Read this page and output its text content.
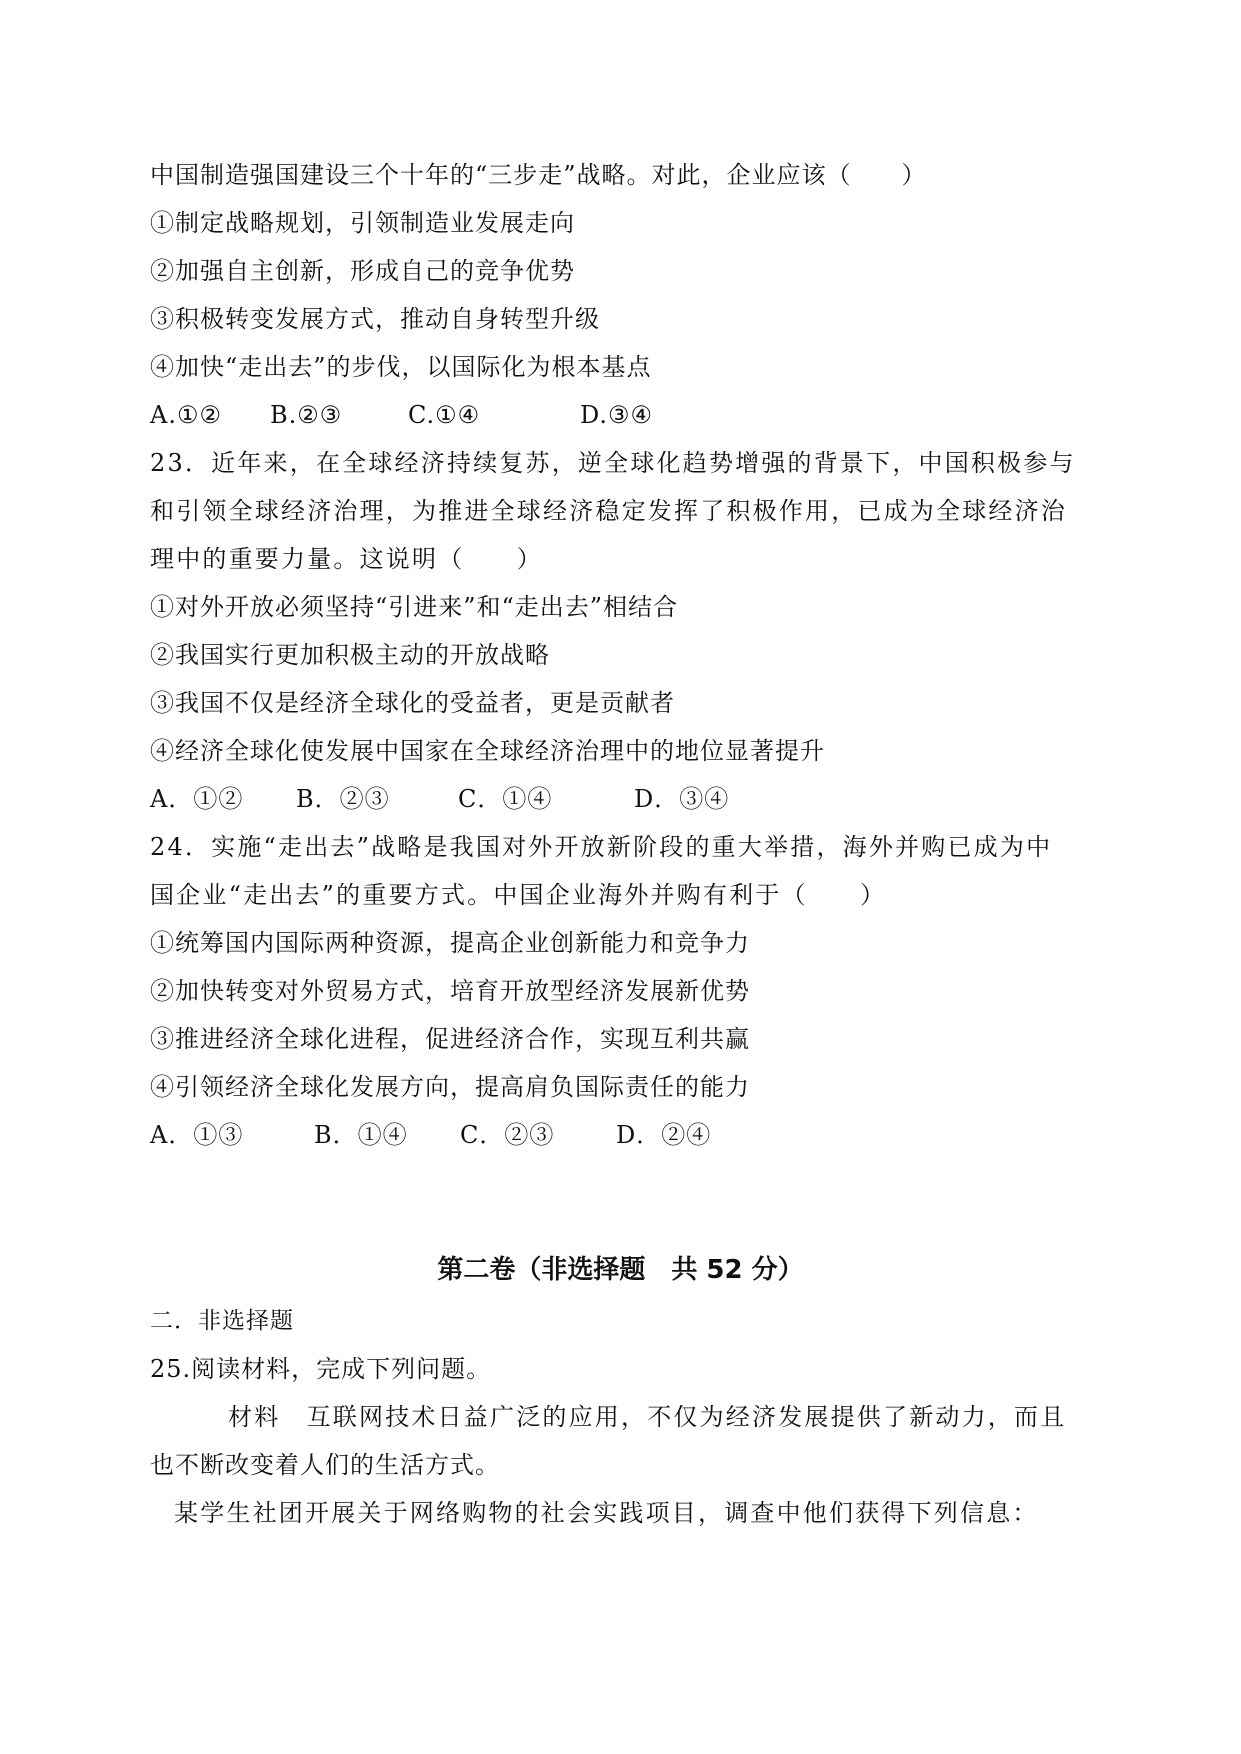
中国制造强国建设三个十年的“三步走”战略。对此，企业应该（　　）
①制定战略规划，引领制造业发展走向
②加强自主创新，形成自己的竞争优势
③积极转变发展方式，推动自身转型升级
④加快“走出去”的步伐，以国际化为根本基点

A.①②

B.②③

	C.①④

	D.③④

23．近年来，在全球经济持续复苏，逆全球化趋势增强的背景下，中国积极参与
和引领全球经济治理，为推进全球经济稳定发挥了积极作用，已成为全球经济治
理中的重要力量。这说明（　　）
①对外开放必须坚持“引进来”和“走出去”相结合
②我国实行更加积极主动的开放战略
③我国不仅是经济全球化的受益者，更是贡献者
④经济全球化使发展中国家在全球经济治理中的地位显著提升

A．①②

B．②③

	C．①④

	D．③④

24．实施“走出去”战略是我国对外开放新阶段的重大举措，海外并购已成为中
国企业“走出去”的重要方式。中国企业海外并购有利于（　　）
①统筹国内国际两种资源，提高企业创新能力和竞争力
②加快转变对外贸易方式，培育开放型经济发展新优势
③推进经济全球化进程，促进经济合作，实现互利共赢
④引领经济全球化发展方向，提高肩负国际责任的能力

A．①③

	B．①④

C．②③

	D．②④

第二卷（非选择题　共 52 分）
二．非选择题
25.阅读材料，完成下列问题。
材料　互联网技术日益广泛的应用，不仅为经济发展提供了新动力，而且
也不断改变着人们的生活方式。
某学生社团开展关于网络购物的社会实践项目，调查中他们获得下列信息：
